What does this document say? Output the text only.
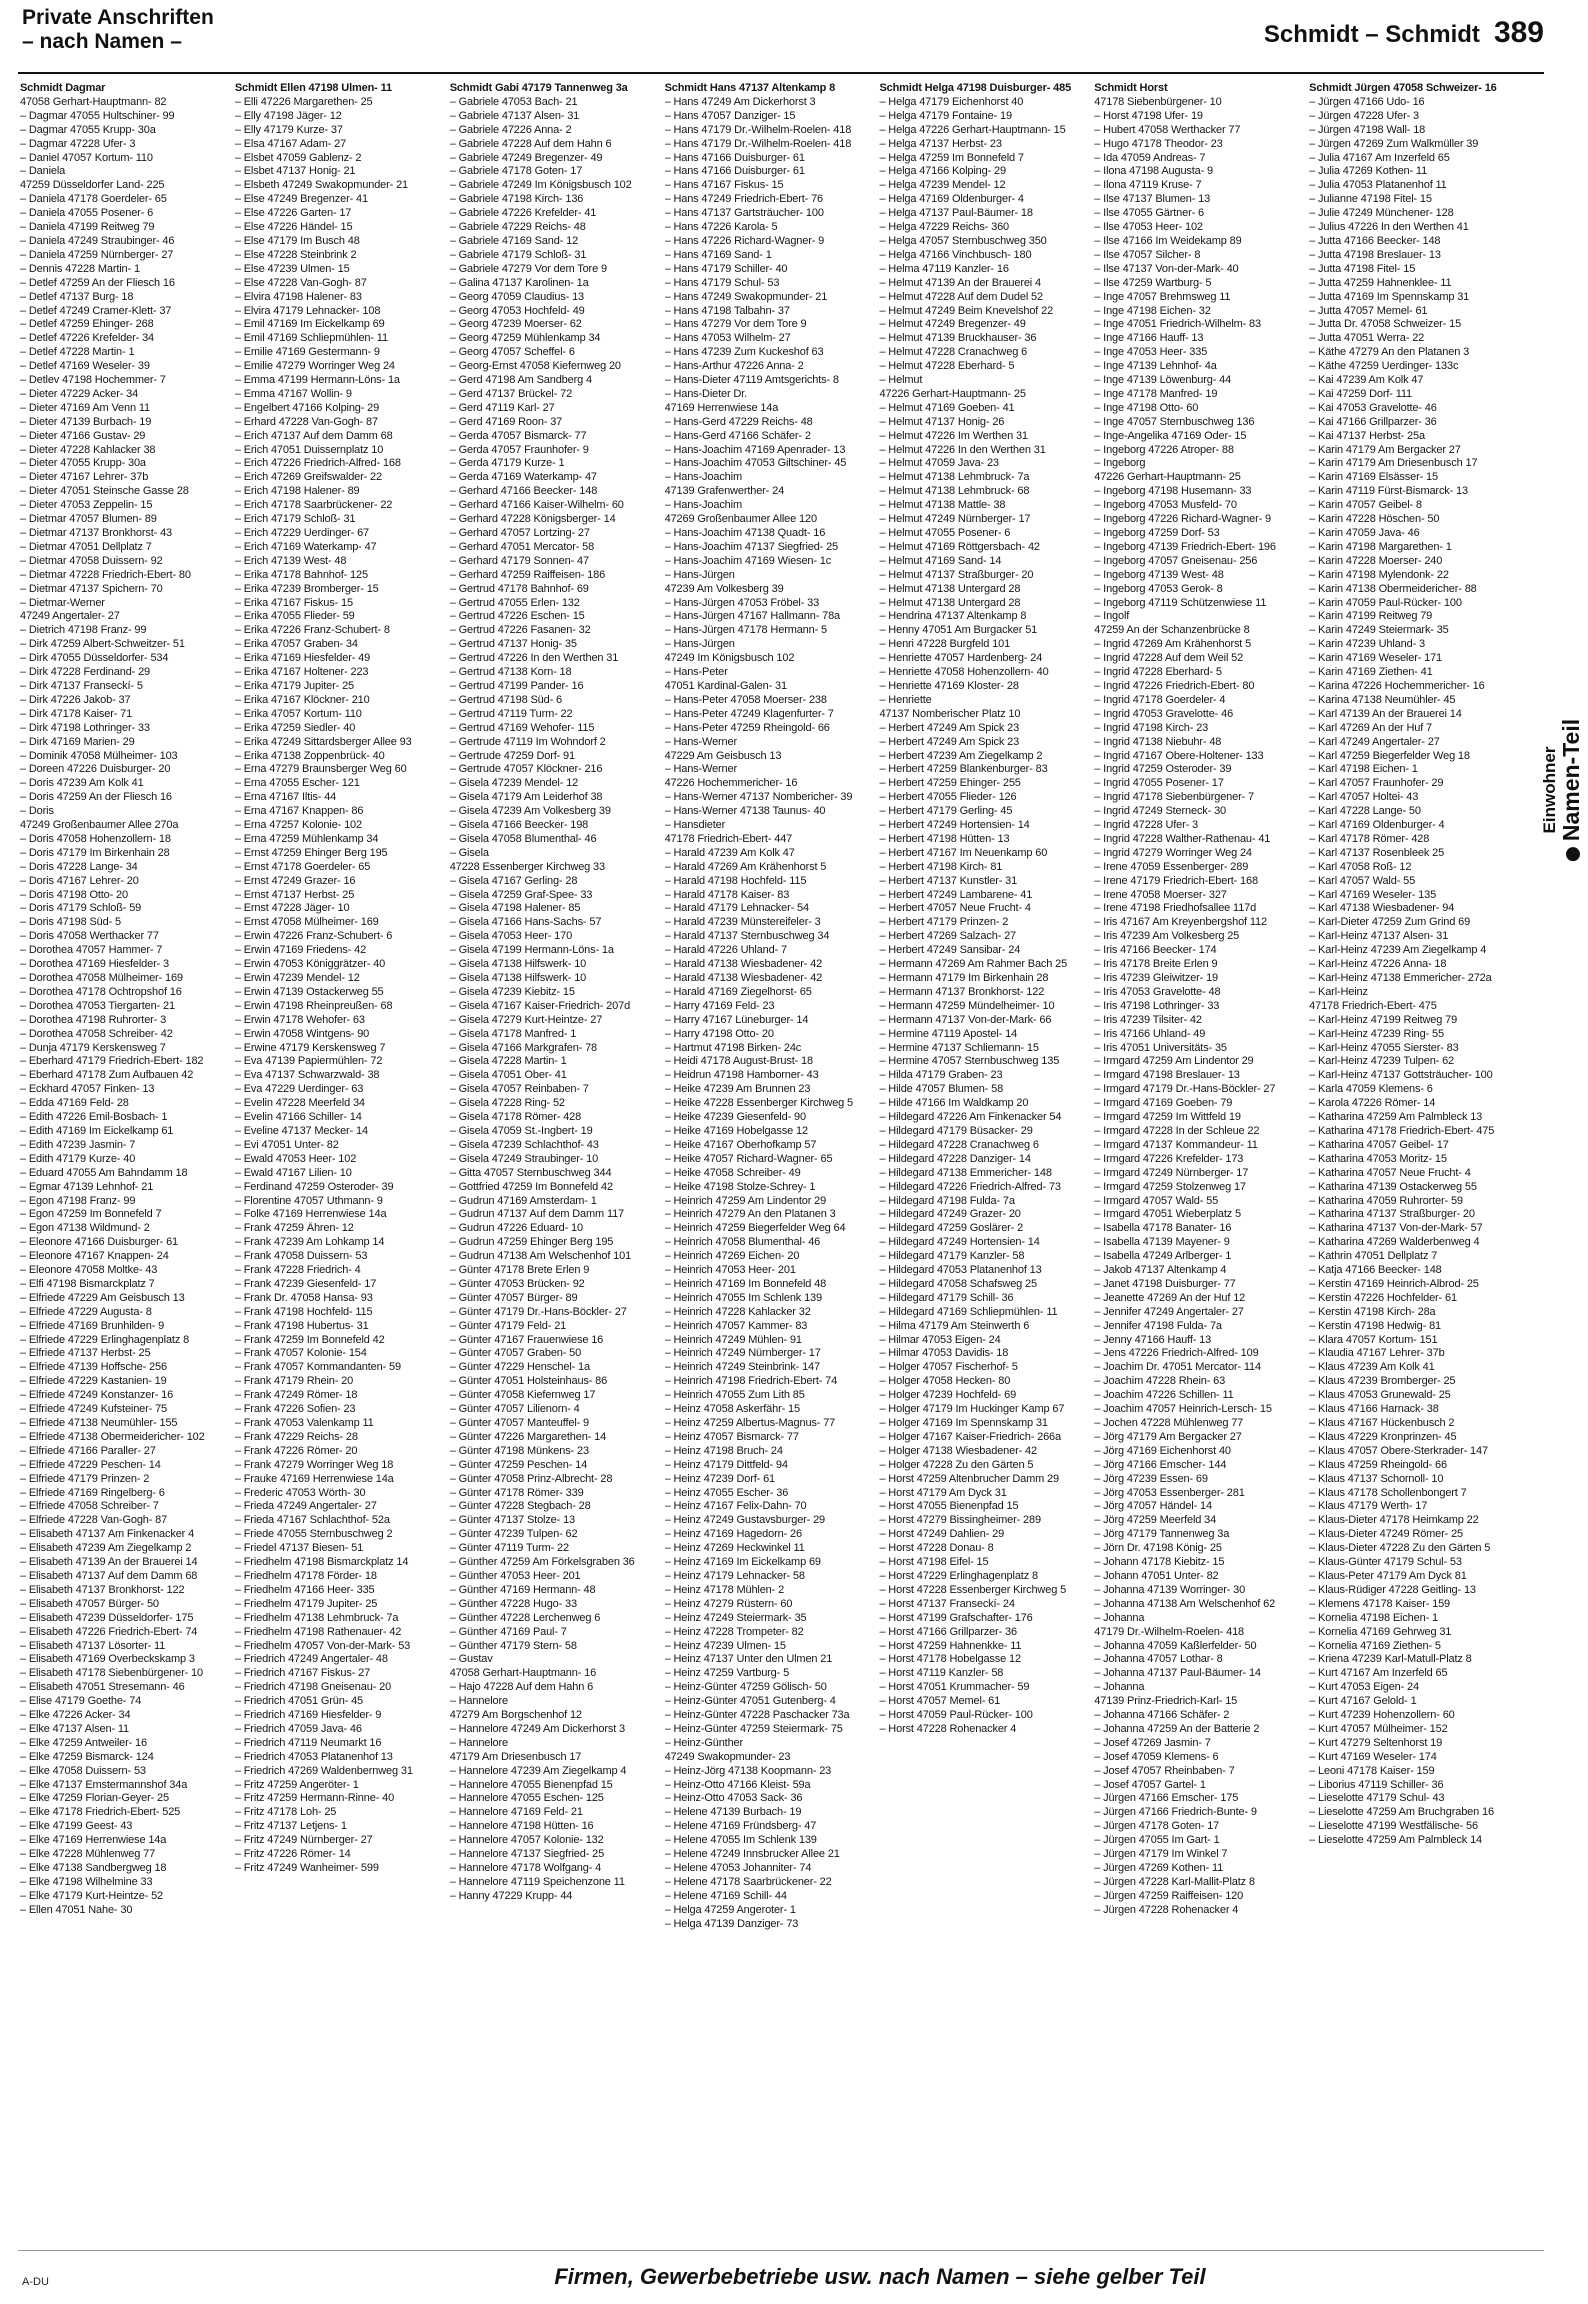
Private Anschriften
– nach Namen –	Schmidt – Schmidt 389
Schmidt Dagmar
47058 Gerhart-Hauptmann- 82
– Dagmar 47055 Hultschiner- 99
– Dagmar 47055 Krupp- 30a
– Dagmar 47228 Ufer- 3
– Daniel 47057 Kortum- 110
– Daniela
47259 Düsseldorfer Land- 225
– Daniela 47178 Goerdeler- 65
– Daniela 47055 Posener- 6
– Daniela 47199 Reitweg 79
– Daniela 47249 Straubinger- 46
– Daniela 47259 Nürnberger- 27
– Dennis 47228 Martin- 1
– Detlef 47259 An der Fliesch 16
– Detlef 47137 Burg- 18
– Detlef 47249 Cramer-Klett- 37
– Detlef 47259 Ehinger- 268
– Detlef 47226 Krefelder- 34
– Detlef 47228 Martin- 1
– Detlef 47169 Weseler- 39
– Detlev 47198 Hochemmer- 7
– Dieter 47229 Acker- 34
– Dieter 47169 Am Venn 11
– Dieter 47139 Burbach- 19
– Dieter 47166 Gustav- 29
– Dieter 47228 Kahlacker 38
– Dieter 47055 Krupp- 30a
– Dieter 47167 Lehrer- 37b
– Dieter 47051 Steinsche Gasse 28
– Dieter 47053 Zeppelin- 15
– Dietmar 47057 Blumen- 89
– Dietmar 47137 Bronkhorst- 43
– Dietmar 47051 Dellplatz 7
– Dietmar 47058 Duissern- 92
– Dietmar 47228 Friedrich-Ebert- 80
– Dietmar 47137 Spichern- 70
– Dietmar-Werner
47249 Angertaler- 27
– Dietrich 47198 Franz- 99
– Dirk 47259 Albert-Schweitzer- 51
– Dirk 47055 Düsseldorfer- 534
– Dirk 47228 Ferdinand- 29
– Dirk 47137 Franseckí- 5
– Dirk 47226 Jakob- 37
– Dirk 47178 Kaiser- 71
– Dirk 47198 Lothringer- 33
– Dirk 47169 Marien- 29
– Dominik 47058 Mülheimer- 103
– Doreen 47226 Duisburger- 20
– Doris 47239 Am Kolk 41
– Doris 47259 An der Fliesch 16
– Doris
47249 Großenbaumer Allee 270a
– Doris 47058 Hohenzollern- 18
– Doris 47179 Im Birkenhain 28
– Doris 47228 Lange- 34
– Doris 47167 Lehrer- 20
– Doris 47198 Otto- 20
– Doris 47179 Schloß- 59
– Doris 47198 Süd- 5
– Doris 47058 Werthacker 77
– Dorothea 47057 Hammer- 7
– Dorothea 47169 Hiesfelder- 3
– Dorothea 47058 Mülheimer- 169
– Dorothea 47178 Ochtropshof 16
– Dorothea 47053 Tiergarten- 21
– Dorothea 47198 Ruhrorter- 3
– Dorothea 47058 Schreiber- 42
– Dunja 47179 Kerskensweg 7
– Eberhard 47179 Friedrich-Ebert- 182
– Eberhard 47178 Zum Aufbauen 42
– Eckhard 47057 Finken- 13
– Edda 47169 Feld- 28
– Edith 47226 Emil-Bosbach- 1
– Edith 47169 Im Eickelkamp 61
– Edith 47239 Jasmin- 7
– Edith 47179 Kurze- 40
– Eduard 47055 Am Bahndamm 18
– Egmar 47139 Lehnhof- 21
– Egon 47198 Franz- 99
– Egon 47259 Im Bonnefeld 7
– Egon 47138 Wildmund- 2
– Eleonore 47166 Duisburger- 61
– Eleonore 47167 Knappen- 24
– Eleonore 47058 Moltke- 43
– Elfi 47198 Bismarckplatz 7
– Elfriede 47229 Am Geisbusch 13
– Elfriede 47229 Augusta- 8
– Elfriede 47169 Brunhilden- 9
– Elfriede 47229 Erlinghagenplatz 8
– Elfriede 47137 Herbst- 25
– Elfriede 47139 Hoffsche- 256
– Elfriede 47229 Kastanien- 19
– Elfriede 47249 Konstanzer- 16
– Elfriede 47249 Kufsteiner- 75
– Elfriede 47138 Neumühler- 155
– Elfriede 47138 Obermeidericher- 102
– Elfriede 47166 Paraller- 27
– Elfriede 47229 Peschen- 14
– Elfriede 47179 Prinzen- 2
– Elfriede 47169 Ringelberg- 6
– Elfriede 47058 Schreiber- 7
– Elfriede 47228 Van-Gogh- 87
– Elisabeth 47137 Am Finkenacker 4
– Elisabeth 47239 Am Ziegelkamp 2
– Elisabeth 47139 An der Brauerei 14
– Elisabeth 47137 Auf dem Damm 68
– Elisabeth 47137 Bronkhorst- 122
– Elisabeth 47057 Bürger- 50
– Elisabeth 47239 Düsseldorfer- 175
– Elisabeth 47226 Friedrich-Ebert- 74
– Elisabeth 47137 Lösorter- 11
– Elisabeth 47169 Overbeckskamp 3
– Elisabeth 47178 Siebenbürgener- 10
– Elisabeth 47051 Stresemann- 46
– Elise 47179 Goethe- 74
– Elke 47226 Acker- 34
– Elke 47137 Alsen- 11
– Elke 47259 Antweiler- 16
– Elke 47259 Bismarck- 124
– Elke 47058 Duissern- 53
– Elke 47137 Emstermannshof 34a
– Elke 47259 Florian-Geyer- 25
– Elke 47178 Friedrich-Ebert- 525
– Elke 47199 Geest- 43
– Elke 47169 Herrenwiese 14a
– Elke 47228 Mühlenweg 77
– Elke 47138 Sandbergweg 18
– Elke 47198 Wilhelmine 33
– Elke 47179 Kurt-Heintze- 52
– Ellen 47051 Nahe- 30
Schmidt Ellen 47198 Ulmen- 11
– Elli 47226 Margarethen- 25
– Elly 47198 Jäger- 12
– Elly 47179 Kurze- 37
– Elsa 47167 Adam- 27
– Elsbet 47059 Gablenz- 2
– Elsbet 47137 Honig- 21
– Elsbeth 47249 Swakopmunder- 21
– Else 47249 Bregenzer- 41
– Else 47226 Garten- 17
– Else 47226 Händel- 15
– Else 47179 Im Busch 48
– Else 47228 Steinbrink 2
– Else 47239 Ulmen- 15
– Else 47228 Van-Gogh- 87
– Elvira 47198 Halener- 83
– Elvira 47179 Lehnacker- 108
– Emil 47169 Im Eickelkamp 69
– Emil 47169 Schliepmühlen- 11
– Emilie 47169 Gestermann- 9
– Emilie 47279 Worringer Weg 24
– Emma 47199 Hermann-Löns- 1a
– Emma 47167 Wollin- 9
– Engelbert 47166 Kolping- 29
– Erhard 47228 Van-Gogh- 87
– Erich 47137 Auf dem Damm 68
– Erich 47051 Duissernplatz 10
– Erich 47226 Friedrich-Alfred- 168
– Erich 47269 Greifswalder- 22
– Erich 47198 Halener- 89
– Erich 47178 Saarbrückener- 22
– Erich 47179 Schloß- 31
– Erich 47229 Uerdinger- 67
– Erich 47169 Waterkamp- 47
– Erich 47139 West- 48
– Erika 47178 Bahnhof- 125
– Erika 47239 Bromberger- 15
– Erika 47167 Fiskus- 15
– Erika 47055 Flieder- 59
– Erika 47226 Franz-Schubert- 8
– Erika 47057 Graben- 34
– Erika 47169 Hiesfelder- 49
– Erika 47167 Holtener- 223
– Erika 47179 Jupiter- 25
– Erika 47167 Klöckner- 210
– Erika 47057 Kortum- 110
– Erika 47259 Siedler- 40
– Erika 47249 Sittardsberger Allee 93
– Erika 47138 Zoppenbrück- 40
– Erna 47279 Braunsberger Weg 60
– Erna 47055 Escher- 121
– Erna 47167 Iltis- 44
– Erna 47167 Knappen- 86
– Erna 47257 Kolonie- 102
– Erna 47259 Mühlenkamp 34
– Ernst 47259 Ehinger Berg 195
– Ernst 47178 Goerdeler- 65
– Ernst 47249 Grazer- 16
– Ernst 47137 Herbst- 25
– Ernst 47228 Jäger- 10
– Ernst 47058 Mülheimer- 169
– Erwin 47226 Franz-Schubert- 6
– Erwin 47169 Friedens- 42
– Erwin 47053 Königgrätzer- 40
– Erwin 47239 Mendel- 12
– Erwin 47139 Ostackerweg 55
– Erwin 47198 Rheinpreußen- 68
– Erwin 47178 Wehofer- 63
– Erwin 47058 Wintgens- 90
– Erwine 47179 Kerskensweg 7
– Eva 47139 Papiermühlen- 72
– Eva 47137 Schwarzwald- 38
– Eva 47229 Uerdinger- 63
– Evelin 47228 Meerfeld 34
– Evelin 47166 Schiller- 14
– Eveline 47137 Mecker- 14
– Evi 47051 Unter- 82
– Ewald 47053 Heer- 102
– Ewald 47167 Lilien- 10
– Ferdinand 47259 Osteroder- 39
– Florentine 47057 Uthmann- 9
– Folke 47169 Herrenwiese 14a
– Frank 47259 Ähren- 12
– Frank 47239 Am Lohkamp 14
– Frank 47058 Duissern- 53
– Frank 47228 Friedrich- 4
– Frank 47239 Giesenfeld- 17
– Frank Dr. 47058 Hansa- 93
– Frank 47198 Hochfeld- 115
– Frank 47198 Hubertus- 31
– Frank 47259 Im Bonnefeld 42
– Frank 47057 Kolonie- 154
– Frank 47057 Kommandanten- 59
– Frank 47179 Rhein- 20
– Frank 47249 Römer- 18
– Frank 47226 Sofien- 23
– Frank 47053 Valenkamp 11
– Frank 47229 Reichs- 28
– Frank 47226 Römer- 20
– Frank 47279 Worringer Weg 18
– Frauke 47169 Herrenwiese 14a
– Frederic 47053 Wörth- 30
– Frieda 47249 Angertaler- 27
– Frieda 47167 Schlachthof- 52a
– Friede 47055 Sternbuschweg 2
– Friedel 47137 Biesen- 51
– Friedhelm 47198 Bismarckplatz 14
– Friedhelm 47178 Förder- 18
– Friedhelm 47166 Heer- 335
– Friedhelm 47179 Jupiter- 25
– Friedhelm 47138 Lehmbruck- 7a
– Friedhelm 47198 Rathenauer- 42
– Friedhelm 47057 Von-der-Mark- 53
– Friedrich 47249 Angertaler- 48
– Friedrich 47167 Fiskus- 27
– Friedrich 47198 Gneisenau- 20
– Friedrich 47051 Grün- 45
– Friedrich 47169 Hiesfelder- 9
– Friedrich 47059 Java- 46
– Friedrich 47119 Neumarkt 16
– Friedrich 47053 Platanenhof 13
– Friedrich 47269 Waldenbernweg 31
– Fritz 47259 Angeröter- 1
– Fritz 47259 Hermann-Rinne- 40
– Fritz 47178 Loh- 25
– Fritz 47137 Letjens- 1
– Fritz 47249 Nürnberger- 27
– Fritz 47226 Römer- 14
– Fritz 47249 Wanheimer- 599
Schmidt Gabi 47179 Tannenweg 3a
– Gabriele 47053 Bach- 21
– Gabriele 47137 Alsen- 31
– Gabriele 47226 Anna- 2
– Gabriele 47228 Auf dem Hahn 6
– Gabriele 47249 Bregenzer- 49
– Gabriele 47178 Goten- 17
– Gabriele 47249 Im Königsbusch 102
– Gabriele 47198 Kirch- 136
– Gabriele 47226 Krefelder- 41
– Gabriele 47229 Reichs- 48
– Gabriele 47169 Sand- 12
– Gabriele 47179 Schloß- 31
– Gabriele 47279 Vor dem Tore 9
– Galina 47137 Karolinen- 1a
– Georg 47059 Claudius- 13
– Georg 47053 Hochfeld- 49
– Georg 47239 Moerser- 62
– Georg 47259 Mühlenkamp 34
– Georg 47057 Scheffel- 6
– Georg-Ernst 47058 Kiefernweg 20
– Gerd 47198 Am Sandberg 4
– Gerd 47137 Brückel- 72
– Gerd 47119 Karl- 27
– Gerd 47169 Roon- 37
– Gerda 47057 Bismarck- 77
– Gerda 47057 Fraunhofer- 9
– Gerda 47179 Kurze- 1
– Gerda 47169 Waterkamp- 47
– Gerhard 47166 Beecker- 148
– Gerhard 47166 Kaiser-Wilhelm- 60
– Gerhard 47228 Königsberger- 14
– Gerhard 47057 Lortzing- 27
– Gerhard 47051 Mercator- 58
– Gerhard 47179 Sonnen- 47
– Gerhard 47259 Raiffeisen- 186
– Gertrud 47178 Bahnhof- 69
– Gertrud 47055 Erlen- 132
– Gertrud 47226 Eschen- 15
– Gertrud 47226 Fasanen- 32
– Gertrud 47137 Honig- 35
– Gertrud 47226 In den Werthen 31
– Gertrud 47138 Korn- 18
– Gertrud 47199 Pander- 16
– Gertrud 47198 Süd- 6
– Gertrud 47119 Turm- 22
– Gertrud 47169 Wehofer- 115
– Gertrude 47119 Im Wohndorf 2
– Gertrude 47259 Dorf- 91
– Gertrude 47057 Klöckner- 216
– Gisela 47239 Mendel- 12
– Gisela 47179 Am Leiderhof 38
– Gisela 47239 Am Volkesberg 39
– Gisela 47166 Beecker- 198
– Gisela 47058 Blumenthal- 46
– Gisela
47228 Essenberger Kirchweg 33
– Gisela 47167 Gerling- 28
– Gisela 47259 Graf-Spee- 33
– Gisela 47198 Halener- 85
– Gisela 47166 Hans-Sachs- 57
– Gisela 47053 Heer- 170
– Gisela 47199 Hermann-Löns- 1a
– Gisela 47138 Hilfswerk- 10
– Gisela 47138 Hilfswerk- 10
– Gisela 47239 Kiebitz- 15
– Gisela 47167 Kaiser-Friedrich- 207d
– Gisela 47279 Kurt-Heintze- 27
– Gisela 47178 Manfred- 1
– Gisela 47166 Markgrafen- 78
– Gisela 47228 Martin- 1
– Gisela 47051 Ober- 41
– Gisela 47057 Reinbaben- 7
– Gisela 47228 Ring- 52
– Gisela 47178 Römer- 428
– Gisela 47059 St.-Ingbert- 19
– Gisela 47239 Schlachthof- 43
– Gisela 47249 Straubinger- 10
– Gitta 47057 Sternbuschweg 344
– Gottfried 47259 Im Bonnefeld 42
– Gudrun 47169 Amsterdam- 1
– Gudrun 47137 Auf dem Damm 117
– Gudrun 47226 Eduard- 10
– Gudrun 47259 Ehinger Berg 195
– Gudrun 47138 Am Welschenhof 101
– Günter 47178 Brete Erlen 9
– Günter 47053 Brücken- 92
– Günter 47057 Bürger- 89
– Günter 47179 Dr.-Hans-Böckler- 27
– Günter 47179 Feld- 21
– Günter 47167 Frauenwiese 16
– Günter 47057 Graben- 50
– Günter 47229 Henschel- 1a
– Günter 47051 Holsteinhaus- 86
– Günter 47058 Kiefernweg 17
– Günter 47057 Lilienorn- 4
– Günter 47057 Manteuffel- 9
– Günter 47226 Margarethen- 14
– Günter 47198 Münkens- 23
– Günter 47259 Peschen- 14
– Günter 47058 Prinz-Albrecht- 28
– Günter 47178 Römer- 339
– Günter 47228 Stegbach- 28
– Günter 47137 Stolze- 13
– Günter 47239 Tulpen- 62
– Günter 47119 Turm- 22
– Günther 47259 Am Förkelsgraben 36
– Günther 47053 Heer- 201
– Günther 47169 Hermann- 48
– Günther 47228 Hugo- 33
– Günther 47228 Lerchenweg 6
– Günther 47169 Paul- 7
– Günther 47179 Stern- 58
– Gustav
47058 Gerhart-Hauptmann- 16
– Hajo 47228 Auf dem Hahn 6
– Hannelore
47279 Am Borgschenhof 12
– Hannelore 47249 Am Dickerhorst 3
– Hannelore
47179 Am Driesenbusch 17
– Hannelore 47239 Am Ziegelkamp 4
– Hannelore 47055 Bienenpfad 15
– Hannelore 47055 Eschen- 125
– Hannelore 47169 Feld- 21
– Hannelore 47198 Hütten- 16
– Hannelore 47057 Kolonie- 132
– Hannelore 47137 Siegfried- 25
– Hannelore 47178 Wolfgang- 4
– Hannelore 47119 Speichenzone 11
– Hanny 47229 Krupp- 44
Schmidt Hans 47137 Altenkamp 8
– Hans 47249 Am Dickerhorst 3
– Hans 47057 Danziger- 15
– Hans 47179 Dr.-Wilhelm-Roelen- 418
– Hans 47179 Dr.-Wilhelm-Roelen- 418
– Hans 47166 Duisburger- 61
– Hans 47166 Duisburger- 61
– Hans 47167 Fiskus- 15
– Hans 47249 Friedrich-Ebert- 76
– Hans 47137 Gartsträucher- 100
– Hans 47226 Karola- 5
– Hans 47226 Richard-Wagner- 9
– Hans 47169 Sand- 1
– Hans 47179 Schiller- 40
– Hans 47179 Schul- 53
– Hans 47249 Swakopmunder- 21
– Hans 47198 Talbahn- 37
– Hans 47279 Vor dem Tore 9
– Hans 47053 Wilhelm- 27
– Hans 47239 Zum Kuckeshof 63
– Hans-Arthur 47226 Anna- 2
– Hans-Dieter 47119 Amtsgerichts- 8
– Hans-Dieter Dr.
47169 Herrenwiese 14a
– Hans-Gerd 47229 Reichs- 48
– Hans-Gerd 47166 Schäfer- 2
– Hans-Joachim 47169 Apenrader- 13
– Hans-Joachim 47053 Giltschiner- 45
– Hans-Joachim
47139 Grafenwerther- 24
– Hans-Joachim
47269 Großenbaumer Allee 120
– Hans-Joachim 47138 Quadt- 16
– Hans-Joachim 47137 Siegfried- 25
– Hans-Joachim 47169 Wiesen- 1c
– Hans-Jürgen
47239 Am Volkesberg 39
– Hans-Jürgen 47053 Fröbel- 33
– Hans-Jürgen 47167 Hallmann- 78a
– Hans-Jürgen 47178 Hermann- 5
– Hans-Jürgen
47249 Im Königsbusch 102
– Hans-Peter
47051 Kardinal-Galen- 31
– Hans-Peter 47058 Moerser- 238
– Hans-Peter 47249 Klagenfurter- 7
– Hans-Peter 47259 Rheingold- 66
– Hans-Werner
47229 Am Geisbusch 13
– Hans-Werner
47226 Hochemmericher- 16
– Hans-Werner 47137 Nombericher- 39
– Hans-Werner 47138 Taunus- 40
– Hansdieter
47178 Friedrich-Ebert- 447
– Harald 47239 Am Kolk 47
– Harald 47269 Am Krähenhorst 5
– Harald 47198 Hochfeld- 115
– Harald 47178 Kaiser- 83
– Harald 47179 Lehnacker- 54
– Harald 47239 Münstereifeler- 3
– Harald 47137 Sternbuschweg 34
– Harald 47226 Uhland- 7
– Harald 47138 Wiesbadener- 42
– Harald 47138 Wiesbadener- 42
– Harald 47169 Ziegelhorst- 65
– Harry 47169 Feld- 23
– Harry 47167 Lüneburger- 14
– Harry 47198 Otto- 20
– Hartmut 47198 Birken- 24c
– Heidi 47178 August-Brust- 18
– Heidrun 47198 Hamborner- 43
– Heike 47239 Am Brunnen 23
– Heike 47228 Essenberger Kirchweg 5
– Heike 47239 Giesenfeld- 90
– Heike 47169 Hobelgasse 12
– Heike 47167 Oberhofkamp 57
– Heike 47057 Richard-Wagner- 65
– Heike 47058 Schreiber- 49
– Heike 47198 Stolze-Schrey- 1
– Heinrich 47259 Am Lindentor 29
– Heinrich 47279 An den Platanen 3
– Heinrich 47259 Biegerfelder Weg 64
– Heinrich 47058 Blumenthal- 46
– Heinrich 47269 Eichen- 20
– Heinrich 47053 Heer- 201
– Heinrich 47169 Im Bonnefeld 48
– Heinrich 47055 Im Schlenk 139
– Heinrich 47228 Kahlacker 32
– Heinrich 47057 Kammer- 83
– Heinrich 47249 Mühlen- 91
– Heinrich 47249 Nürnberger- 17
– Heinrich 47249 Steinbrink- 147
– Heinrich 47198 Friedrich-Ebert- 74
– Heinrich 47055 Zum Lith 85
– Heinz 47058 Askerfähr- 15
– Heinz 47259 Albertus-Magnus- 77
– Heinz 47057 Bismarck- 77
– Heinz 47198 Bruch- 24
– Heinz 47179 Dittfeld- 94
– Heinz 47239 Dorf- 61
– Heinz 47055 Escher- 36
– Heinz 47167 Felix-Dahn- 70
– Heinz 47249 Gustavsburger- 29
– Heinz 47169 Hagedorn- 26
– Heinz 47269 Heckwinkel 11
– Heinz 47169 Im Eickelkamp 69
– Heinz 47179 Lehnacker- 58
– Heinz 47178 Mühlen- 2
– Heinz 47279 Rüstern- 60
– Heinz 47249 Steiermark- 35
– Heinz 47228 Trompeter- 82
– Heinz 47239 Ulmen- 15
– Heinz 47137 Unter den Ulmen 21
– Heinz 47259 Vartburg- 5
– Heinz-Günter 47259 Gölisch- 50
– Heinz-Günter 47051 Gutenberg- 4
– Heinz-Günter 47228 Paschacker 73a
– Heinz-Günter 47259 Steiermark- 75
– Heinz-Günther
47249 Swakopmunder- 23
– Heinz-Jörg 47138 Koopmann- 23
– Heinz-Otto 47166 Kleist- 59a
– Heinz-Otto 47053 Sack- 36
– Helene 47139 Burbach- 19
– Helene 47169 Fründsberg- 47
– Helene 47055 Im Schlenk 139
– Helene 47249 Innsbrucker Allee 21
– Helene 47053 Johanniter- 74
– Helene 47178 Saarbrückener- 22
– Helene 47169 Schill- 44
– Helga 47259 Angeroter- 1
– Helga 47139 Danziger- 73
Schmidt Helga 47198 Duisburger- 485
– Helga 47179 Eichenhorst 40
– Helga 47179 Fontaine- 19
– Helga 47226 Gerhart-Hauptmann- 15
– Helga 47137 Herbst- 23
– Helga 47259 Im Bonnefeld 7
– Helga 47166 Kolping- 29
– Helga 47239 Mendel- 12
– Helga 47169 Oldenburger- 4
– Helga 47137 Paul-Bäumer- 18
– Helga 47229 Reichs- 360
– Helga 47057 Sternbuschweg 350
– Helga 47166 Vinchbusch- 180
– Helma 47119 Kanzler- 16
– Helmut 47139 An der Brauerei 4
– Helmut 47228 Auf dem Dudel 52
– Helmut 47249 Beim Knevelshof 22
– Helmut 47249 Bregenzer- 49
– Helmut 47139 Bruckhauser- 36
– Helmut 47228 Cranachweg 6
– Helmut 47228 Eberhard- 5
– Helmut
47226 Gerhart-Hauptmann- 25
– Helmut 47169 Goeben- 41
– Helmut 47137 Honig- 26
– Helmut 47226 Im Werthen 31
– Helmut 47226 In den Werthen 31
– Helmut 47059 Java- 23
– Helmut 47138 Lehmbruck- 7a
– Helmut 47138 Lehmbruck- 68
– Helmut 47138 Mattle- 38
– Helmut 47249 Nürnberger- 17
– Helmut 47055 Posener- 6
– Helmut 47169 Röttgersbach- 42
– Helmut 47169 Sand- 14
– Helmut 47137 Straßburger- 20
– Helmut 47138 Untergard 28
– Helmut 47138 Untergard 28
– Hendrina 47137 Altenkamp 8
– Henny 47051 Am Burgacker 51
– Henri 47228 Burgfeld 101
– Henriette 47057 Hardenberg- 24
– Henriette 47058 Hohenzollern- 40
– Henriette 47169 Kloster- 28
– Henriette
47137 Nomberischer Platz 10
– Herbert 47249 Am Spick 23
– Herbert 47249 Am Spick 23
– Herbert 47239 Am Ziegelkamp 2
– Herbert 47259 Blankenburger- 83
– Herbert 47259 Ehinger- 255
– Herbert 47055 Flieder- 126
– Herbert 47179 Gerling- 45
– Herbert 47249 Hortensien- 14
– Herbert 47198 Hütten- 13
– Herbert 47167 Im Neuenkamp 60
– Herbert 47198 Kirch- 81
– Herbert 47137 Kunstler- 31
– Herbert 47249 Lambarene- 41
– Herbert 47057 Neue Frucht- 4
– Herbert 47179 Prinzen- 2
– Herbert 47269 Salzach- 27
– Herbert 47249 Sansibar- 24
– Hermann 47269 Am Rahmer Bach 25
– Hermann 47179 Im Birkenhain 28
– Hermann 47137 Bronkhorst- 122
– Hermann 47259 Mündelheimer- 10
– Hermann 47137 Von-der-Mark- 66
– Hermine 47119 Apostel- 14
– Hermine 47137 Schliemann- 15
– Hermine 47057 Sternbuschweg 135
– Hilda 47179 Graben- 23
– Hilde 47057 Blumen- 58
– Hilde 47166 Im Waldkamp 20
– Hildegard 47226 Am Finkenacker 54
– Hildegard 47179 Büsacker- 29
– Hildegard 47228 Cranachweg 6
– Hildegard 47228 Danziger- 14
– Hildegard 47138 Emmericher- 148
– Hildegard 47226 Friedrich-Alfred- 73
– Hildegard 47198 Fulda- 7a
– Hildegard 47249 Grazer- 20
– Hildegard 47259 Goslärer- 2
– Hildegard 47249 Hortensien- 14
– Hildegard 47179 Kanzler- 58
– Hildegard 47053 Platanenhof 13
– Hildegard 47058 Schafsweg 25
– Hildegard 47179 Schill- 36
– Hildegard 47169 Schliepmühlen- 11
– Hilma 47179 Am Steinwerth 6
– Hilmar 47053 Eigen- 24
– Hilmar 47053 Davidis- 18
– Holger 47057 Fischerhof- 5
– Holger 47058 Hecken- 80
– Holger 47239 Hochfeld- 69
– Holger 47179 Im Huckinger Kamp 67
– Holger 47169 Im Spennskamp 31
– Holger 47167 Kaiser-Friedrich- 266a
– Holger 47138 Wiesbadener- 42
– Holger 47228 Zu den Gärten 5
– Horst 47259 Altenbrucher Damm 29
– Horst 47179 Am Dyck 31
– Horst 47055 Bienenpfad 15
– Horst 47279 Bissingheimer- 289
– Horst 47249 Dahlien- 29
– Horst 47228 Donau- 8
– Horst 47198 Eifel- 15
– Horst 47229 Erlinghagenplatz 8
– Horst 47228 Essenberger Kirchweg 5
– Horst 47137 Franseckí- 24
– Horst 47199 Grafschafter- 176
– Horst 47166 Grillparzer- 36
– Horst 47259 Hahnenkke- 11
– Horst 47178 Hobelgasse 12
– Horst 47119 Kanzler- 58
– Horst 47051 Krummacher- 59
– Horst 47057 Memel- 61
– Horst 47059 Paul-Rücker- 100
– Horst 47228 Rohenacker 4
Schmidt Horst
47178 Siebenbürgener- 10
– Horst 47198 Ufer- 19
– Hubert 47058 Werthacker 77
– Hugo 47178 Theodor- 23
– Ida 47059 Andreas- 7
– Ilona 47198 Augusta- 9
– Ilona 47119 Kruse- 7
– Ilse 47137 Blumen- 13
– Ilse 47055 Gärtner- 6
– Ilse 47053 Heer- 102
– Ilse 47166 Im Weidekamp 89
– Ilse 47057 Silcher- 8
– Ilse 47137 Von-der-Mark- 40
– Ilse 47259 Wartburg- 5
– Inge 47057 Brehmsweg 11
– Inge 47198 Eichen- 32
– Inge 47051 Friedrich-Wilhelm- 83
– Inge 47166 Hauff- 13
– Inge 47053 Heer- 335
– Inge 47139 Lehnhof- 4a
– Inge 47139 Löwenburg- 44
– Inge 47178 Manfred- 19
– Inge 47198 Otto- 60
– Inge 47057 Sternbuschweg 136
– Inge-Angelika 47169 Oder- 15
– Ingeborg 47226 Atroper- 88
– Ingeborg
47226 Gerhart-Hauptmann- 25
– Ingeborg 47198 Husemann- 33
– Ingeborg 47053 Musfeld- 70
– Ingeborg 47226 Richard-Wagner- 9
– Ingeborg 47259 Dorf- 53
– Ingeborg 47139 Friedrich-Ebert- 196
– Ingeborg 47057 Gneisenau- 256
– Ingeborg 47139 West- 48
– Ingeborg 47053 Gerok- 8
– Ingeborg 47119 Schützenwiese 11
– Ingolf
47259 An der Schanzenbrücke 8
– Ingrid 47269 Am Krähenhorst 5
– Ingrid 47228 Auf dem Weil 52
– Ingrid 47228 Eberhard- 5
– Ingrid 47226 Friedrich-Ebert- 80
– Ingrid 47178 Goerdeler- 4
– Ingrid 47053 Gravelotte- 46
– Ingrid 47198 Kirch- 23
– Ingrid 47138 Niebuhr- 48
– Ingrid 47167 Obere-Holtener- 133
– Ingrid 47259 Osteroder- 39
– Ingrid 47055 Posener- 17
– Ingrid 47178 Siebenbürgener- 7
– Ingrid 47249 Sterneck- 30
– Ingrid 47228 Ufer- 3
– Ingrid 47228 Walther-Rathenau- 41
– Ingrid 47279 Worringer Weg 24
– Irene 47059 Essenberger- 289
– Irene 47179 Friedrich-Ebert- 168
– Irene 47058 Moerser- 327
– Irene 47198 Friedhofsallee 117d
– Iris 47167 Am Kreyenbergshof 112
– Iris 47239 Am Volkesberg 25
– Iris 47166 Beecker- 174
– Iris 47178 Breite Erlen 9
– Iris 47239 Gleiwitzer- 19
– Iris 47053 Gravelotte- 48
– Iris 47198 Lothringer- 33
– Iris 47239 Tilsiter- 42
– Iris 47166 Uhland- 49
– Iris 47051 Universitäts- 35
– Irmgard 47259 Am Lindentor 29
– Irmgard 47198 Breslauer- 13
– Irmgard 47179 Dr.-Hans-Böckler- 27
– Irmgard 47169 Goeben- 79
– Irmgard 47259 Im Wittfeld 19
– Irmgard 47228 In der Schleue 22
– Irmgard 47137 Kommandeur- 11
– Irmgard 47226 Krefelder- 173
– Irmgard 47249 Nürnberger- 17
– Irmgard 47259 Stolzenweg 17
– Irmgard 47057 Wald- 55
– Irmgard 47051 Wieberplatz 5
– Isabella 47178 Banater- 16
– Isabella 47139 Mayener- 9
– Isabella 47249 Arlberger- 1
– Jakob 47137 Altenkamp 4
– Janet 47198 Duisburger- 77
– Jeanette 47269 An der Huf 12
– Jennifer 47249 Angertaler- 27
– Jennifer 47198 Fulda- 7a
– Jenny 47166 Hauff- 13
– Jens 47226 Friedrich-Alfred- 109
– Joachim Dr. 47051 Mercator- 114
– Joachim 47228 Rhein- 63
– Joachim 47226 Schillen- 11
– Joachim 47057 Heinrich-Lersch- 15
– Jochen 47228 Mühlenweg 77
– Jörg 47179 Am Bergacker 27
– Jörg 47169 Eichenhorst 40
– Jörg 47166 Emscher- 144
– Jörg 47239 Essen- 69
– Jörg 47053 Essenberger- 281
– Jörg 47057 Händel- 14
– Jörg 47259 Meerfeld 34
– Jörg 47179 Tannenweg 3a
– Jörn Dr. 47198 König- 25
– Johann 47178 Kiebitz- 15
– Johann 47051 Unter- 82
– Johanna 47139 Worringer- 30
– Johanna 47138 Am Welschenhof 62
– Johanna
47179 Dr.-Wilhelm-Roelen- 418
– Johanna 47059 Kaßlerfelder- 50
– Johanna 47057 Lothar- 8
– Johanna 47137 Paul-Bäumer- 14
– Johanna
47139 Prinz-Friedrich-Karl- 15
– Johanna 47166 Schäfer- 2
– Johanna 47259 An der Batterie 2
– Josef 47269 Jasmin- 7
– Josef 47059 Klemens- 6
– Josef 47057 Rheinbaben- 7
– Josef 47057 Gartel- 1
– Jürgen 47166 Emscher- 175
– Jürgen 47166 Friedrich-Bunte- 9
– Jürgen 47178 Goten- 17
– Jürgen 47055 Im Gart- 1
– Jürgen 47179 Im Winkel 7
– Jürgen 47269 Kothen- 11
– Jürgen 47228 Karl-Mallit-Platz 8
– Jürgen 47259 Raiffeisen- 120
– Jürgen 47228 Rohenacker 4
Schmidt Jürgen 47058 Schweizer- 16
– Jürgen 47166 Udo- 16
– Jürgen 47228 Ufer- 3
– Jürgen 47198 Wall- 18
– Jürgen 47269 Zum Walkmüller 39
– Julia 47167 Am Inzerfeld 65
– Julia 47269 Kothen- 11
– Julia 47053 Platanenhof 11
– Julianne 47198 Fitel- 15
– Julie 47249 Münchener- 128
– Julius 47226 In den Werthen 41
– Jutta 47166 Beecker- 148
– Jutta 47198 Breslauer- 13
– Jutta 47198 Fitel- 15
– Jutta 47259 Hahnenklee- 11
– Jutta 47169 Im Spennskamp 31
– Jutta 47057 Memel- 61
– Jutta Dr. 47058 Schweizer- 15
– Jutta 47051 Werra- 22
– Käthe 47279 An den Platanen 3
– Käthe 47259 Uerdinger- 133c
– Kai 47239 Am Kolk 47
– Kai 47259 Dorf- 111
– Kai 47053 Gravelotte- 46
– Kai 47166 Grillparzer- 36
– Kai 47137 Herbst- 25a
– Karin 47179 Am Bergacker 27
– Karin 47179 Am Driesenbusch 17
– Karin 47169 Elsässer- 15
– Karin 47119 Fürst-Bismarck- 13
– Karin 47057 Geibel- 8
– Karin 47228 Höschen- 50
– Karin 47059 Java- 46
– Karin 47198 Margarethen- 1
– Karin 47228 Moerser- 240
– Karin 47198 Mylendonk- 22
– Karin 47138 Obermeidericher- 88
– Karin 47059 Paul-Rücker- 100
– Karin 47199 Reitweg 79
– Karin 47249 Steiermark- 35
– Karin 47239 Uhland- 3
– Karin 47169 Weseler- 171
– Karin 47169 Ziethen- 41
– Karina 47226 Hochemmericher- 16
– Karina 47138 Neumühler- 45
– Karl 47139 An der Brauerei 14
– Karl 47269 An der Huf 7
– Karl 47249 Angertaler- 27
– Karl 47259 Biegerfelder Weg 18
– Karl 47198 Eichen- 1
– Karl 47057 Fraunhofer- 29
– Karl 47057 Holtei- 43
– Karl 47228 Lange- 50
– Karl 47169 Oldenburger- 4
– Karl 47178 Römer- 428
– Karl 47137 Rosenbleek 25
– Karl 47058 Roß- 12
– Karl 47057 Wald- 55
– Karl 47169 Weseler- 135
– Karl 47138 Wiesbadener- 94
– Karl-Dieter 47259 Zum Grind 69
– Karl-Heinz 47137 Alsen- 31
– Karl-Heinz 47239 Am Ziegelkamp 4
– Karl-Heinz 47226 Anna- 18
– Karl-Heinz 47138 Emmericher- 272a
– Karl-Heinz
47178 Friedrich-Ebert- 475
– Karl-Heinz 47199 Reitweg 79
– Karl-Heinz 47239 Ring- 55
– Karl-Heinz 47055 Sierster- 83
– Karl-Heinz 47239 Tulpen- 62
– Karl-Heinz 47137 Gottsträucher- 100
– Karla 47059 Klemens- 6
– Karola 47226 Römer- 14
– Katharina 47259 Am Palmbleck 13
– Katharina 47178 Friedrich-Ebert- 475
– Katharina 47057 Geibel- 17
– Katharina 47053 Moritz- 15
– Katharina 47057 Neue Frucht- 4
– Katharina 47139 Ostackerweg 55
– Katharina 47059 Ruhrorter- 59
– Katharina 47137 Straßburger- 20
– Katharina 47137 Von-der-Mark- 57
– Katharina 47269 Walderbenweg 4
– Kathrin 47051 Dellplatz 7
– Katja 47166 Beecker- 148
– Kerstin 47169 Heinrich-Albrod- 25
– Kerstin 47226 Hochfelder- 61
– Kerstin 47198 Kirch- 28a
– Kerstin 47198 Hedwig- 81
– Klara 47057 Kortum- 151
– Klaudia 47167 Lehrer- 37b
– Klaus 47239 Am Kolk 41
– Klaus 47239 Bromberger- 25
– Klaus 47053 Grunewald- 25
– Klaus 47166 Harnack- 38
– Klaus 47167 Hückenbusch 2
– Klaus 47229 Kronprinzen- 45
– Klaus 47057 Obere-Sterkrader- 147
– Klaus 47259 Rheingold- 66
– Klaus 47137 Schornoll- 10
– Klaus 47178 Schollenbongert 7
– Klaus 47179 Werth- 17
– Klaus-Dieter 47178 Heimkamp 22
– Klaus-Dieter 47249 Römer- 25
– Klaus-Dieter 47228 Zu den Gärten 5
– Klaus-Günter 47179 Schul- 53
– Klaus-Peter 47179 Am Dyck 81
– Klaus-Rüdiger 47228 Geitling- 13
– Klemens 47178 Kaiser- 159
– Kornelia 47198 Eichen- 1
– Kornelia 47169 Gehrweg 31
– Kornelia 47169 Ziethen- 5
– Kriena 47239 Karl-Matull-Platz 8
– Kurt 47167 Am Inzerfeld 65
– Kurt 47053 Eigen- 24
– Kurt 47167 Gelold- 1
– Kurt 47239 Hohenzollern- 60
– Kurt 47057 Mülheimer- 152
– Kurt 47279 Seltenhorst 19
– Kurt 47169 Weseler- 174
– Leoni 47178 Kaiser- 159
– Liborius 47119 Schiller- 36
– Lieselotte 47179 Schul- 43
– Lieselotte 47259 Am Bruchgraben 16
– Lieselotte 47199 Westfälische- 56
– Lieselotte 47259 Am Palmbleck 14
Einwohner Namen-Teil
A-DU	Firmen, Gewerbebetriebe usw. nach Namen – siehe gelber Teil
